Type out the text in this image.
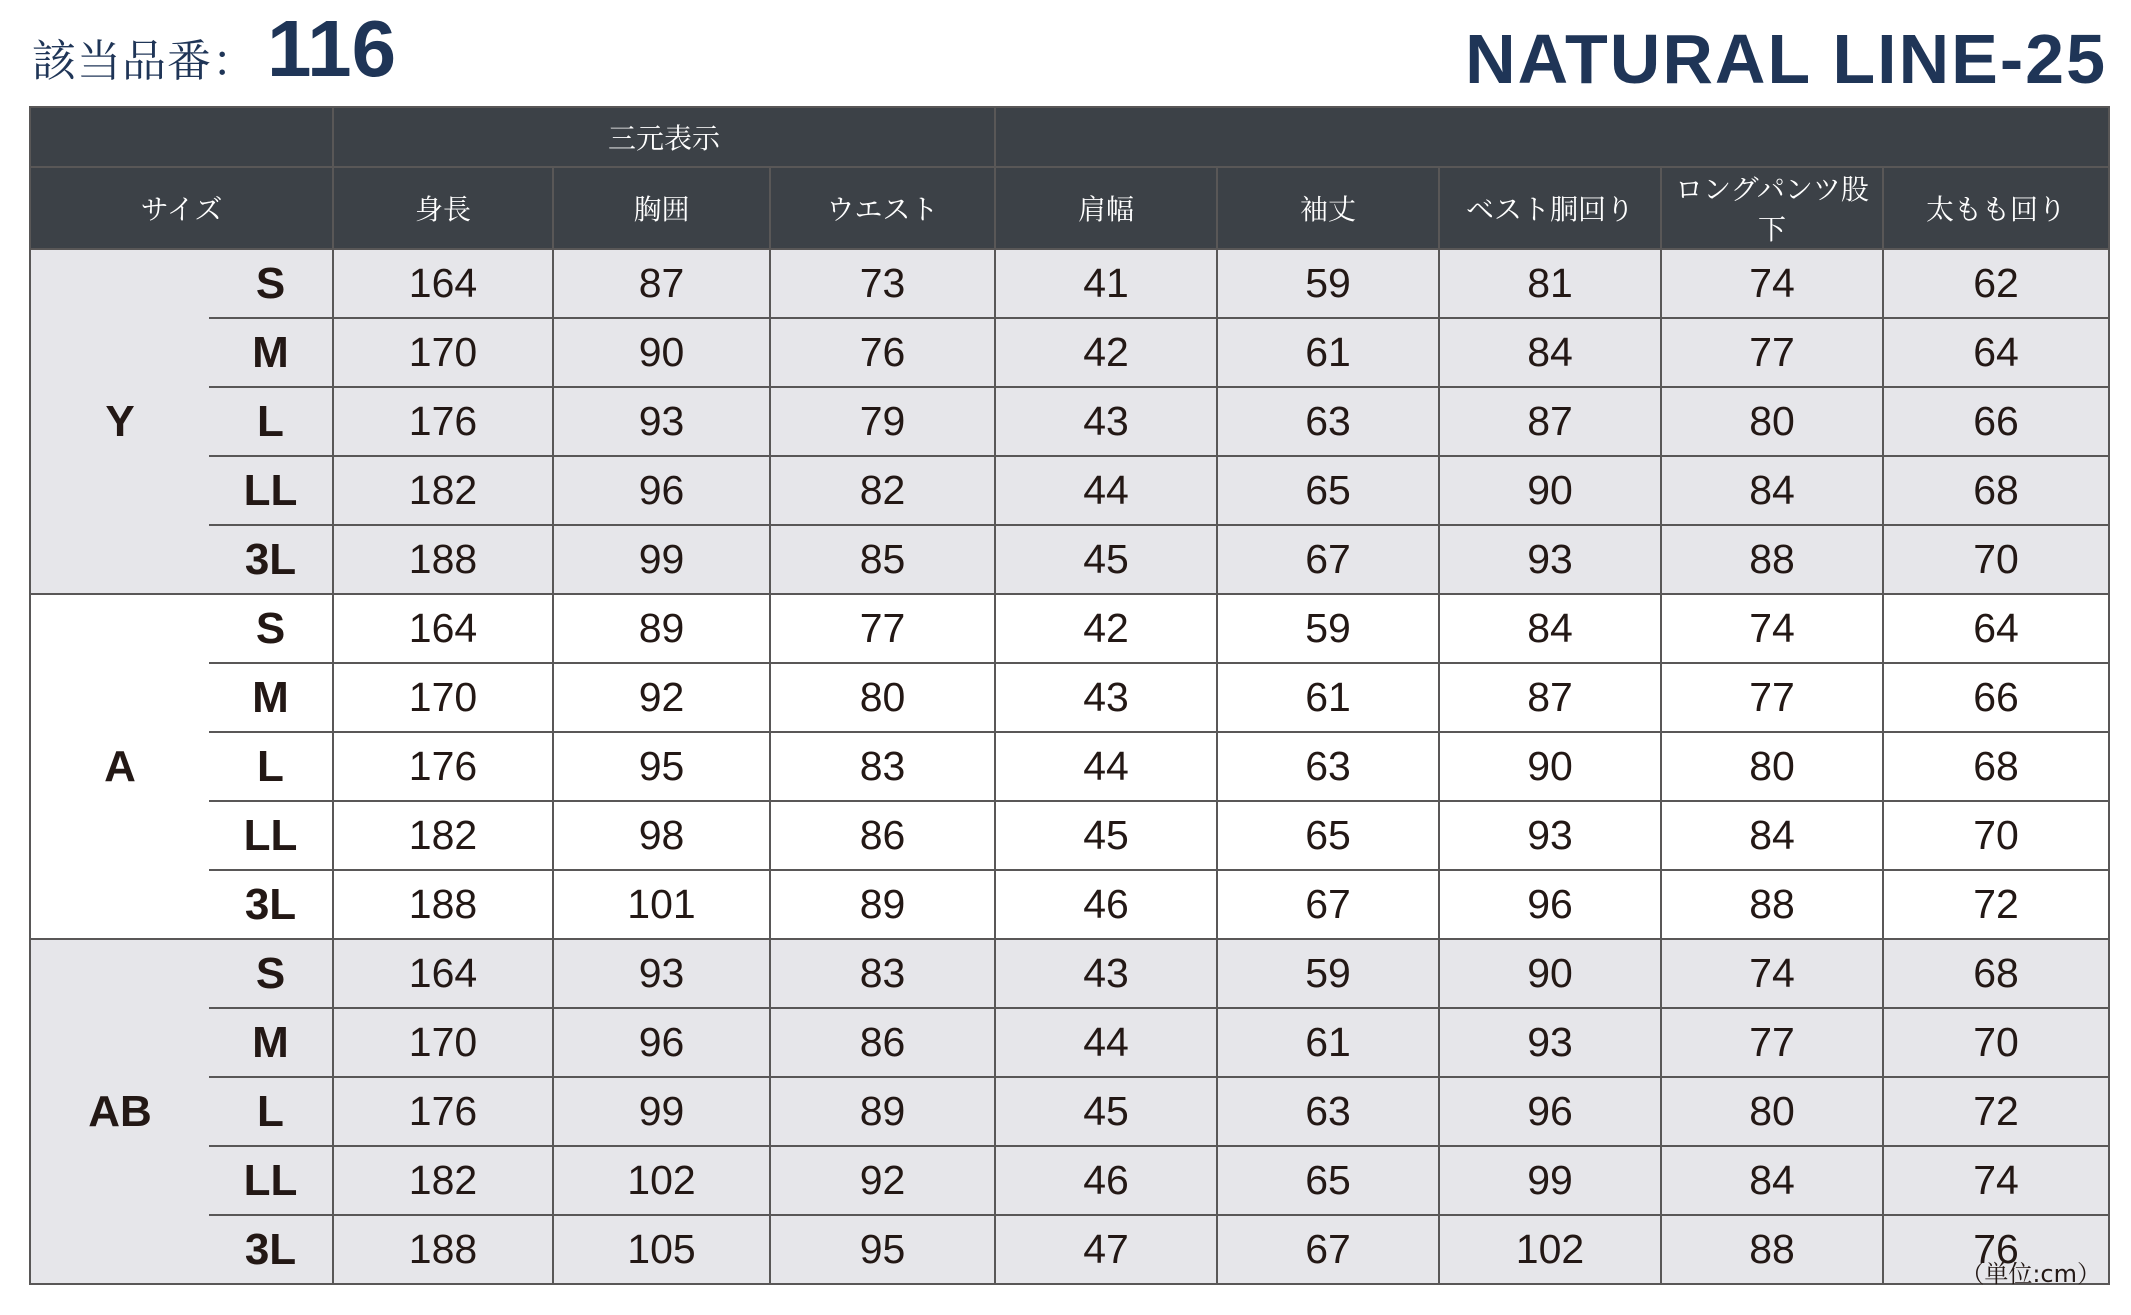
該当品番： 116	NATURAL LINE-25
		三元表示							
サイズ		身長	胸囲	ウエスト	肩幅	袖丈	ベスト胴回り	ロングパンツ股下	太もも回り
Y	S	164	87	73	41	59	81	74	62
	M	170	90	76	42	61	84	77	64
	L	176	93	79	43	63	87	80	66
	LL	182	96	82	44	65	90	84	68
	3L	188	99	85	45	67	93	88	70
A	S	164	89	77	42	59	84	74	64
	M	170	92	80	43	61	87	77	66
	L	176	95	83	44	63	90	80	68
	LL	182	98	86	45	65	93	84	70
	3L	188	101	89	46	67	96	88	72
AB	S	164	93	83	43	59	90	74	68
	M	170	96	86	44	61	93	77	70
	L	176	99	89	45	63	96	80	72
	LL	182	102	92	46	65	99	84	74
	3L	188	105	95	47	67	102	88	76
（単位:cm）
